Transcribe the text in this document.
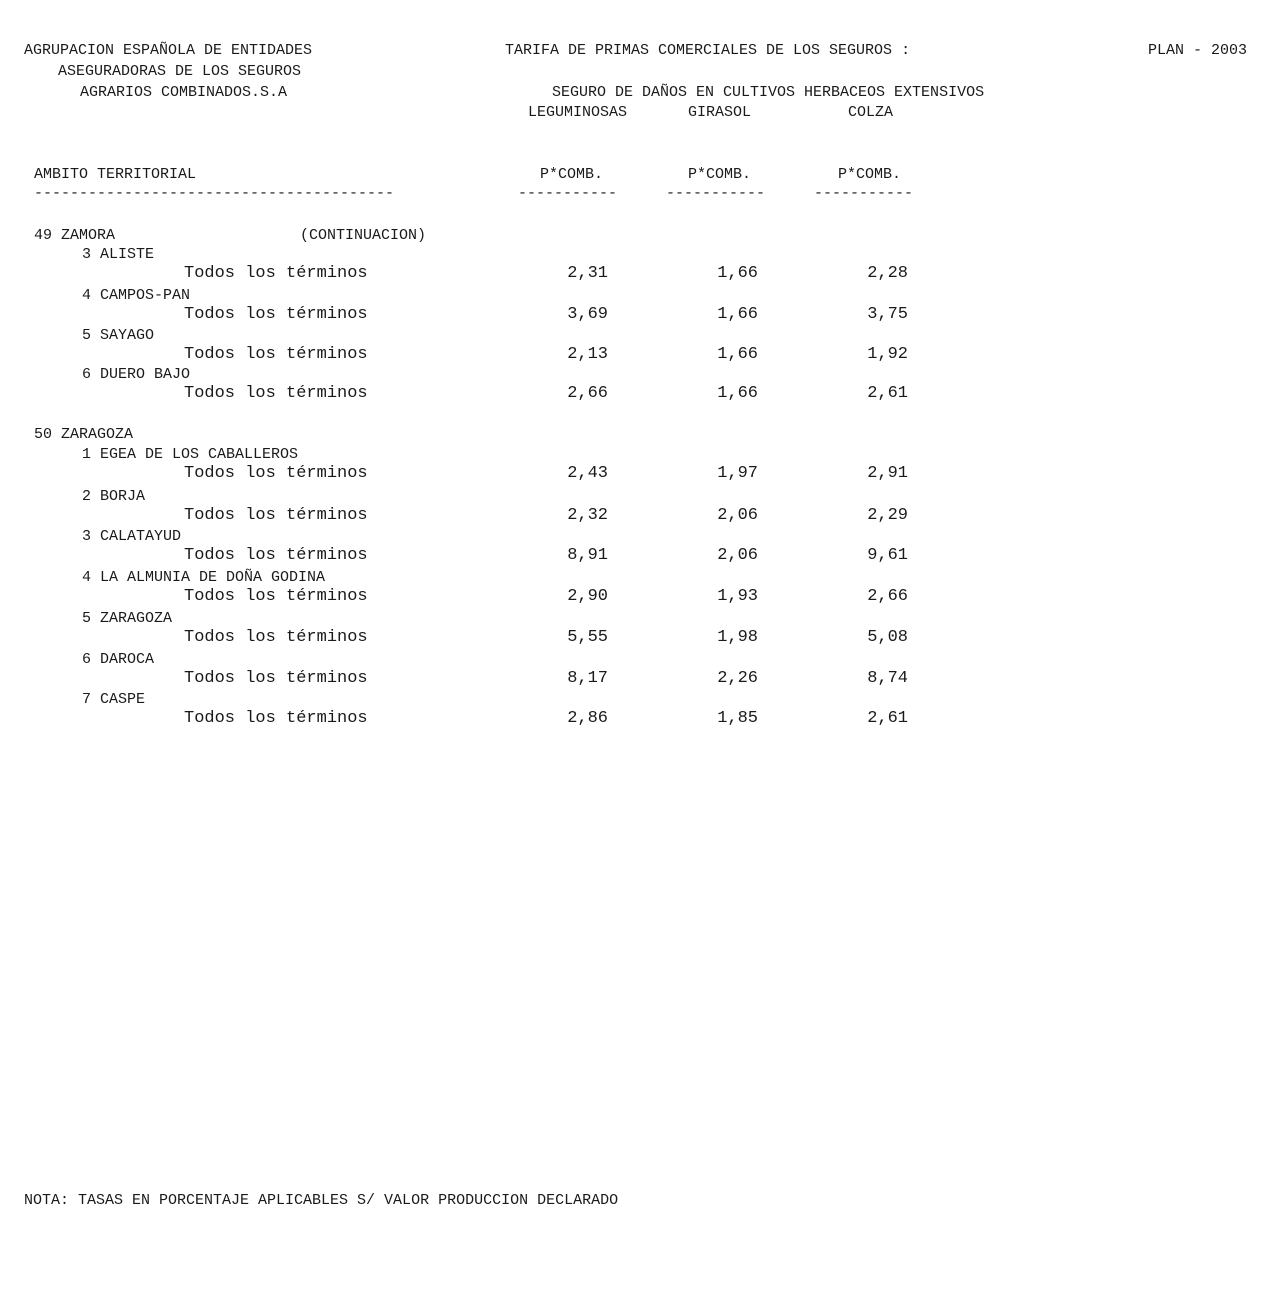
AGRUPACION ESPAÑOLA DE ENTIDADES
ASEGURADORAS DE LOS SEGUROS
AGRARIOS COMBINADOS.S.A
TARIFA DE PRIMAS COMERCIALES DE LOS SEGUROS :	PLAN - 2003
SEGURO DE DAÑOS EN CULTIVOS HERBACEOS EXTENSIVOS
LEGUMINOSAS	GIRASOL	COLZA
AMBITO TERRITORIAL	P*COMB.	P*COMB.	P*COMB.
----------------------------------------	-----------	-----------	-----------
49 ZAMORA	(CONTINUACION)
3 ALISTE
Todos los términos	2,31	1,66	2,28
4 CAMPOS-PAN
Todos los términos	3,69	1,66	3,75
5 SAYAGO
Todos los términos	2,13	1,66	1,92
6 DUERO BAJO
Todos los términos	2,66	1,66	2,61
50 ZARAGOZA
1 EGEA DE LOS CABALLEROS
Todos los términos	2,43	1,97	2,91
2 BORJA
Todos los términos	2,32	2,06	2,29
3 CALATAYUD
Todos los términos	8,91	2,06	9,61
4 LA ALMUNIA DE DOÑA GODINA
Todos los términos	2,90	1,93	2,66
5 ZARAGOZA
Todos los términos	5,55	1,98	5,08
6 DAROCA
Todos los términos	8,17	2,26	8,74
7 CASPE
Todos los términos	2,86	1,85	2,61
NOTA: TASAS EN PORCENTAJE APLICABLES S/ VALOR PRODUCCION DECLARADO
